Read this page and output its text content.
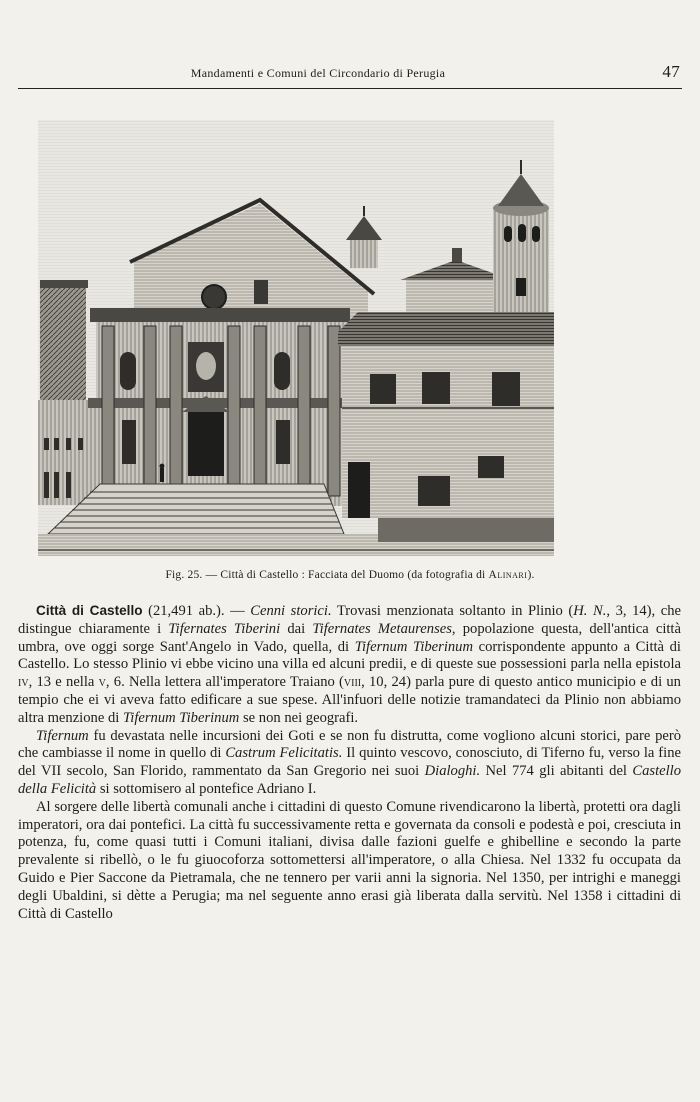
Mandamenti e Comuni del Circondario di Perugia	47
Fig. 25. — Città di Castello : Facciata del Duomo (da fotografia di Alinari).

Città di Castello (21,491 ab.). — Cenni storici. Trovasi menzionata soltanto in Plinio (H. N., 3, 14), che distingue chiaramente i Tifernates Tiberini dai Tifernates Metaurenses, popolazione questa, dell'antica città umbra, ove oggi sorge Sant'Angelo in Vado, quella, di Tifernum Tiberinum corrispondente appunto a Città di Castello. Lo stesso Plinio vi ebbe vicino una villa ed alcuni predii, e di queste sue possessioni parla nella epistola iv, 13 e nella v, 6. Nella lettera all'imperatore Traiano (viii, 10, 24) parla pure di questo antico municipio e di un tempio che ei vi aveva fatto edificare a sue spese. All'infuori delle notizie tramandateci da Plinio non abbiamo altra menzione di Tifernum Tiberinum se non nei geografi.

Tifernum fu devastata nelle incursioni dei Goti e se non fu distrutta, come vogliono alcuni storici, pare però che cambiasse il nome in quello di Castrum Felicitatis. Il quinto vescovo, conosciuto, di Tiferno fu, verso la fine del VII secolo, San Florido, rammentato da San Gregorio nei suoi Dialoghi. Nel 774 gli abitanti del Castello della Felicità si sottomisero al pontefice Adriano I.

Al sorgere delle libertà comunali anche i cittadini di questo Comune rivendicarono la libertà, protetti ora dagli imperatori, ora dai pontefici. La città fu successivamente retta e governata da consoli e podestà e poi, cresciuta in potenza, fu, come quasi tutti i Comuni italiani, divisa dalle fazioni guelfe e ghibelline e secondo la parte prevalente si ribellò, o le fu giuocoforza sottomettersi all'imperatore, o alla Chiesa. Nel 1332 fu occupata da Guido e Pier Saccone da Pietramala, che ne tennero per varii anni la signoria. Nel 1350, per intrighi e maneggi degli Ubaldini, si dètte a Perugia; ma nel seguente anno erasi già liberata dalla servitù. Nel 1358 i cittadini di Città di Castello
